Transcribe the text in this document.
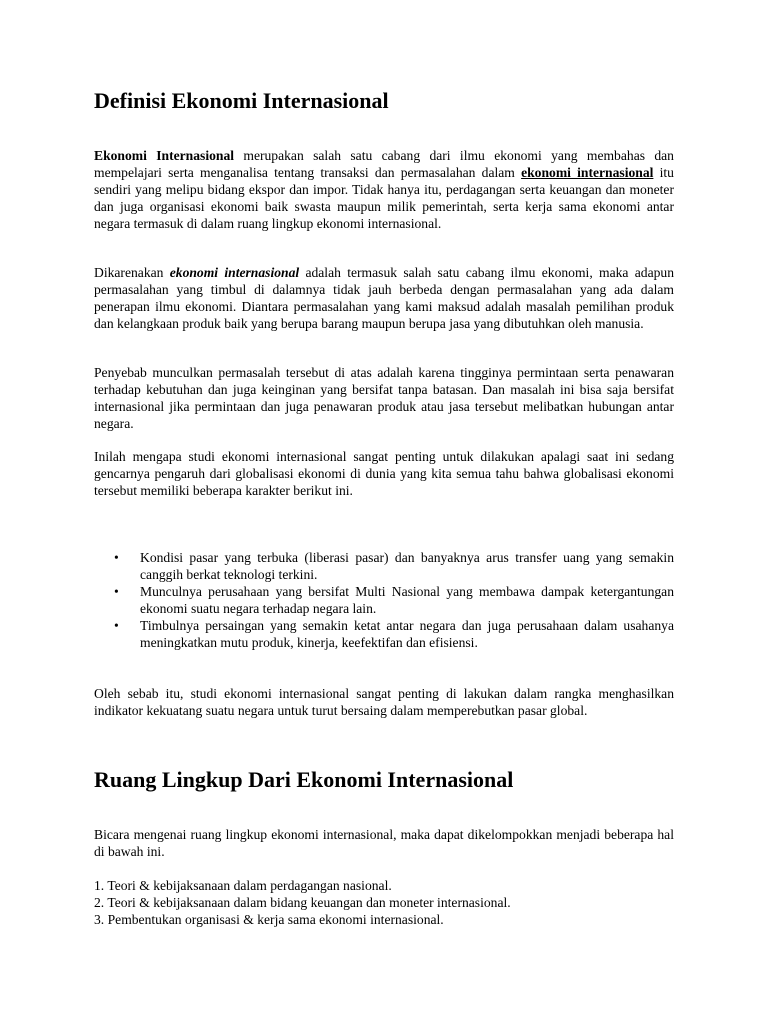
Definisi Ekonomi Internasional

Ekonomi Internasional merupakan salah satu cabang dari ilmu ekonomi yang membahas dan mempelajari serta menganalisa tentang transaksi dan permasalahan dalam ekonomi internasional itu sendiri yang melipu bidang ekspor dan impor. Tidak hanya itu, perdagangan serta keuangan dan moneter dan juga organisasi ekonomi baik swasta maupun milik pemerintah, serta kerja sama ekonomi antar negara termasuk di dalam ruang lingkup ekonomi internasional.

Dikarenakan ekonomi internasional adalah termasuk salah satu cabang ilmu ekonomi, maka adapun permasalahan yang timbul di dalamnya tidak jauh berbeda dengan permasalahan yang ada dalam penerapan ilmu ekonomi. Diantara permasalahan yang kami maksud adalah masalah pemilihan produk dan kelangkaan produk baik yang berupa barang maupun berupa jasa yang dibutuhkan oleh manusia.

Penyebab munculkan permasalah tersebut di atas adalah karena tingginya permintaan serta penawaran terhadap kebutuhan dan juga keinginan yang bersifat tanpa batasan. Dan masalah ini bisa saja bersifat internasional jika permintaan dan juga penawaran produk atau jasa tersebut melibatkan hubungan antar negara.

Inilah mengapa studi ekonomi internasional sangat penting untuk dilakukan apalagi saat ini sedang gencarnya pengaruh dari globalisasi ekonomi di dunia yang kita semua tahu bahwa globalisasi ekonomi tersebut memiliki beberapa karakter berikut ini.

• Kondisi pasar yang terbuka (liberasi pasar) dan banyaknya arus transfer uang yang semakin canggih berkat teknologi terkini.
• Munculnya perusahaan yang bersifat Multi Nasional yang membawa dampak ketergantungan ekonomi suatu negara terhadap negara lain.
• Timbulnya persaingan yang semakin ketat antar negara dan juga perusahaan dalam usahanya meningkatkan mutu produk, kinerja, keefektifan dan efisiensi.

Oleh sebab itu, studi ekonomi internasional sangat penting di lakukan dalam rangka menghasilkan indikator kekuatang suatu negara untuk turut bersaing dalam memperebutkan pasar global.

Ruang Lingkup Dari Ekonomi Internasional

Bicara mengenai ruang lingkup ekonomi internasional, maka dapat dikelompokkan menjadi beberapa hal di bawah ini.

1. Teori & kebijaksanaan dalam perdagangan nasional.
2. Teori & kebijaksanaan dalam bidang keuangan dan moneter internasional.
3. Pembentukan organisasi & kerja sama ekonomi internasional.
